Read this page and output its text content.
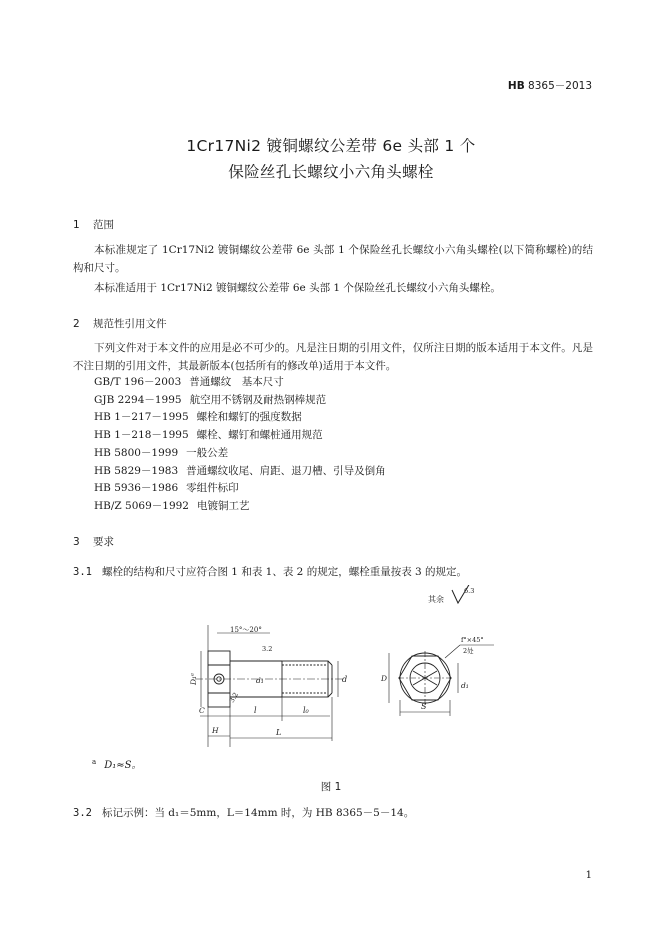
HB 8365－2013
1Cr17Ni2 镀铜螺纹公差带 6e 头部 1 个
保险丝孔长螺纹小六角头螺栓
1 范围
本标准规定了 1Cr17Ni2 镀铜螺纹公差带 6e 头部 1 个保险丝孔长螺纹小六角头螺栓(以下简称螺栓)的结构和尺寸。
本标准适用于 1Cr17Ni2 镀铜螺纹公差带 6e 头部 1 个保险丝孔长螺纹小六角头螺栓。
2 规范性引用文件
下列文件对于本文件的应用是必不可少的。凡是注日期的引用文件，仅所注日期的版本适用于本文件。凡是不注日期的引用文件，其最新版本(包括所有的修改单)适用于本文件。
GB/T 196－2003 普通螺纹　基本尺寸
GJB 2294－1995 航空用不锈钢及耐热钢棒规范
HB 1－217－1995 螺栓和螺钉的强度数据
HB 1－218－1995 螺栓、螺钉和螺桩通用规范
HB 5800－1999 一般公差
HB 5829－1983 普通螺纹收尾、肩距、退刀槽、引导及倒角
HB 5936－1986 零组件标印
HB/Z 5069－1992 电镀铜工艺
3 要求
3.1 螺栓的结构和尺寸应符合图 1 和表 1、表 2 的规定，螺栓重量按表 3 的规定。
其余
6.3
15°～20°
3.2
3.2
D₁ᵃ	d₁	d
C	l	l₀
H	L
D
S
d₁
f°×45°
2处
$^a$ D₁≈S。
图 1
3.2 标记示例：当 d₁＝5mm，L＝14mm 时，为 HB 8365－5－14。
1
